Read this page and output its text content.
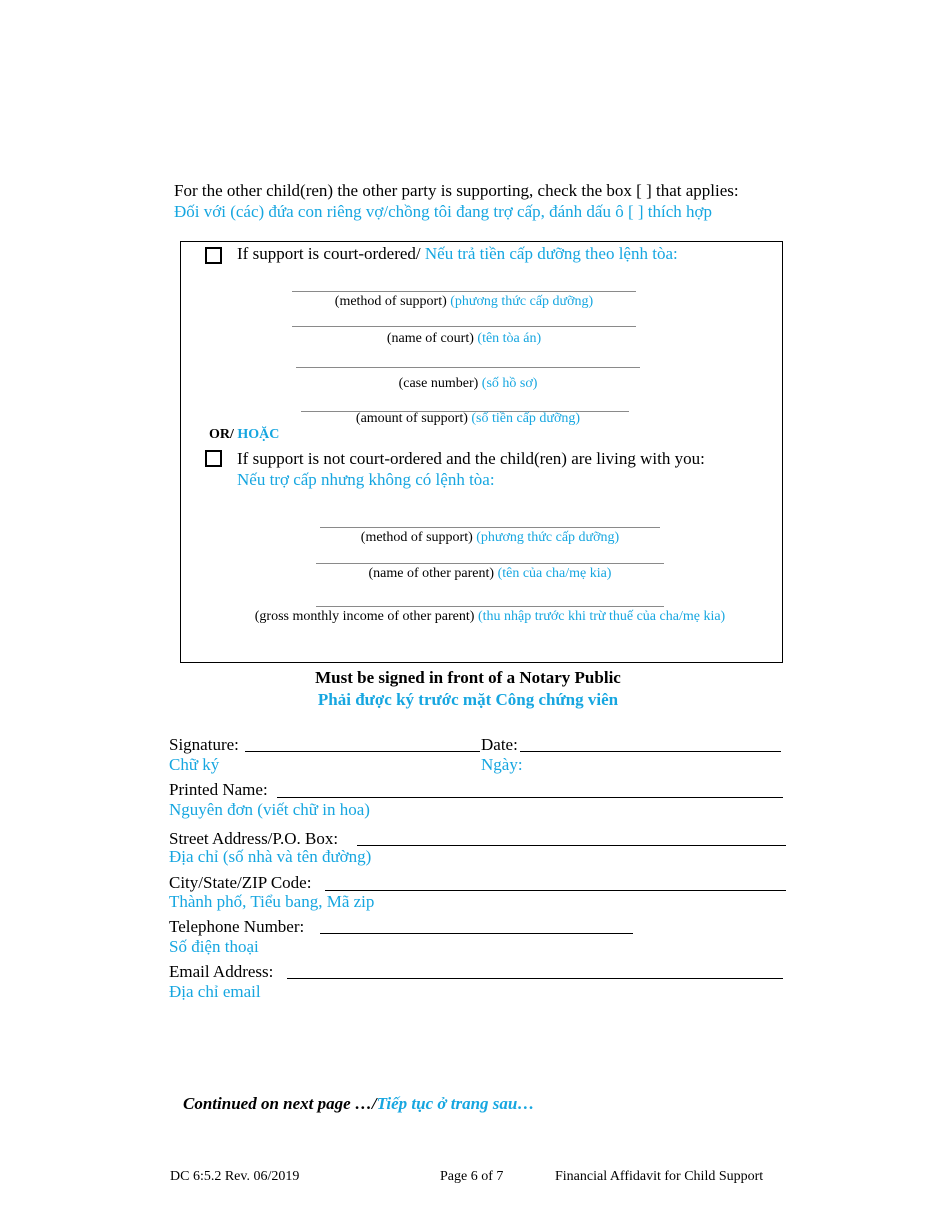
For the other child(ren) the other party is supporting, check the box [ ] that applies:
Đối với (các) đứa con riêng vợ/chồng tôi đang trợ cấp, đánh dấu ô [ ] thích hợp
If support is court-ordered/ Nếu trả tiền cấp dưỡng theo lệnh tòa:
(method of support) (phương thức cấp dưỡng)
(name of court) (tên tòa án)
(case number) (số hồ sơ)
(amount of support) (số tiền cấp dưỡng)
OR/ HOẶC
If support is not court-ordered and the child(ren) are living with you:
Nếu trợ cấp nhưng không có lệnh tòa:
(method of support) (phương thức cấp dưỡng)
(name of other parent) (tên của cha/mẹ kia)
(gross monthly income of other parent) (thu nhập trước khi trừ thuế của cha/mẹ kia)
Must be signed in front of a Notary Public
Phải được ký trước mặt Công chứng viên
Signature:
Chữ ký
Date:
Ngày:
Printed Name:
Nguyên đơn (viết chữ in hoa)
Street Address/P.O. Box:
Địa chỉ (số nhà và tên đường)
City/State/ZIP Code:
Thành phố, Tiểu bang, Mã zip
Telephone Number:
Số điện thoại
Email Address:
Địa chỉ email
Continued on next page …/Tiếp tục ở trang sau…
DC 6:5.2 Rev. 06/2019	Page 6 of 7	Financial Affidavit for Child Support
